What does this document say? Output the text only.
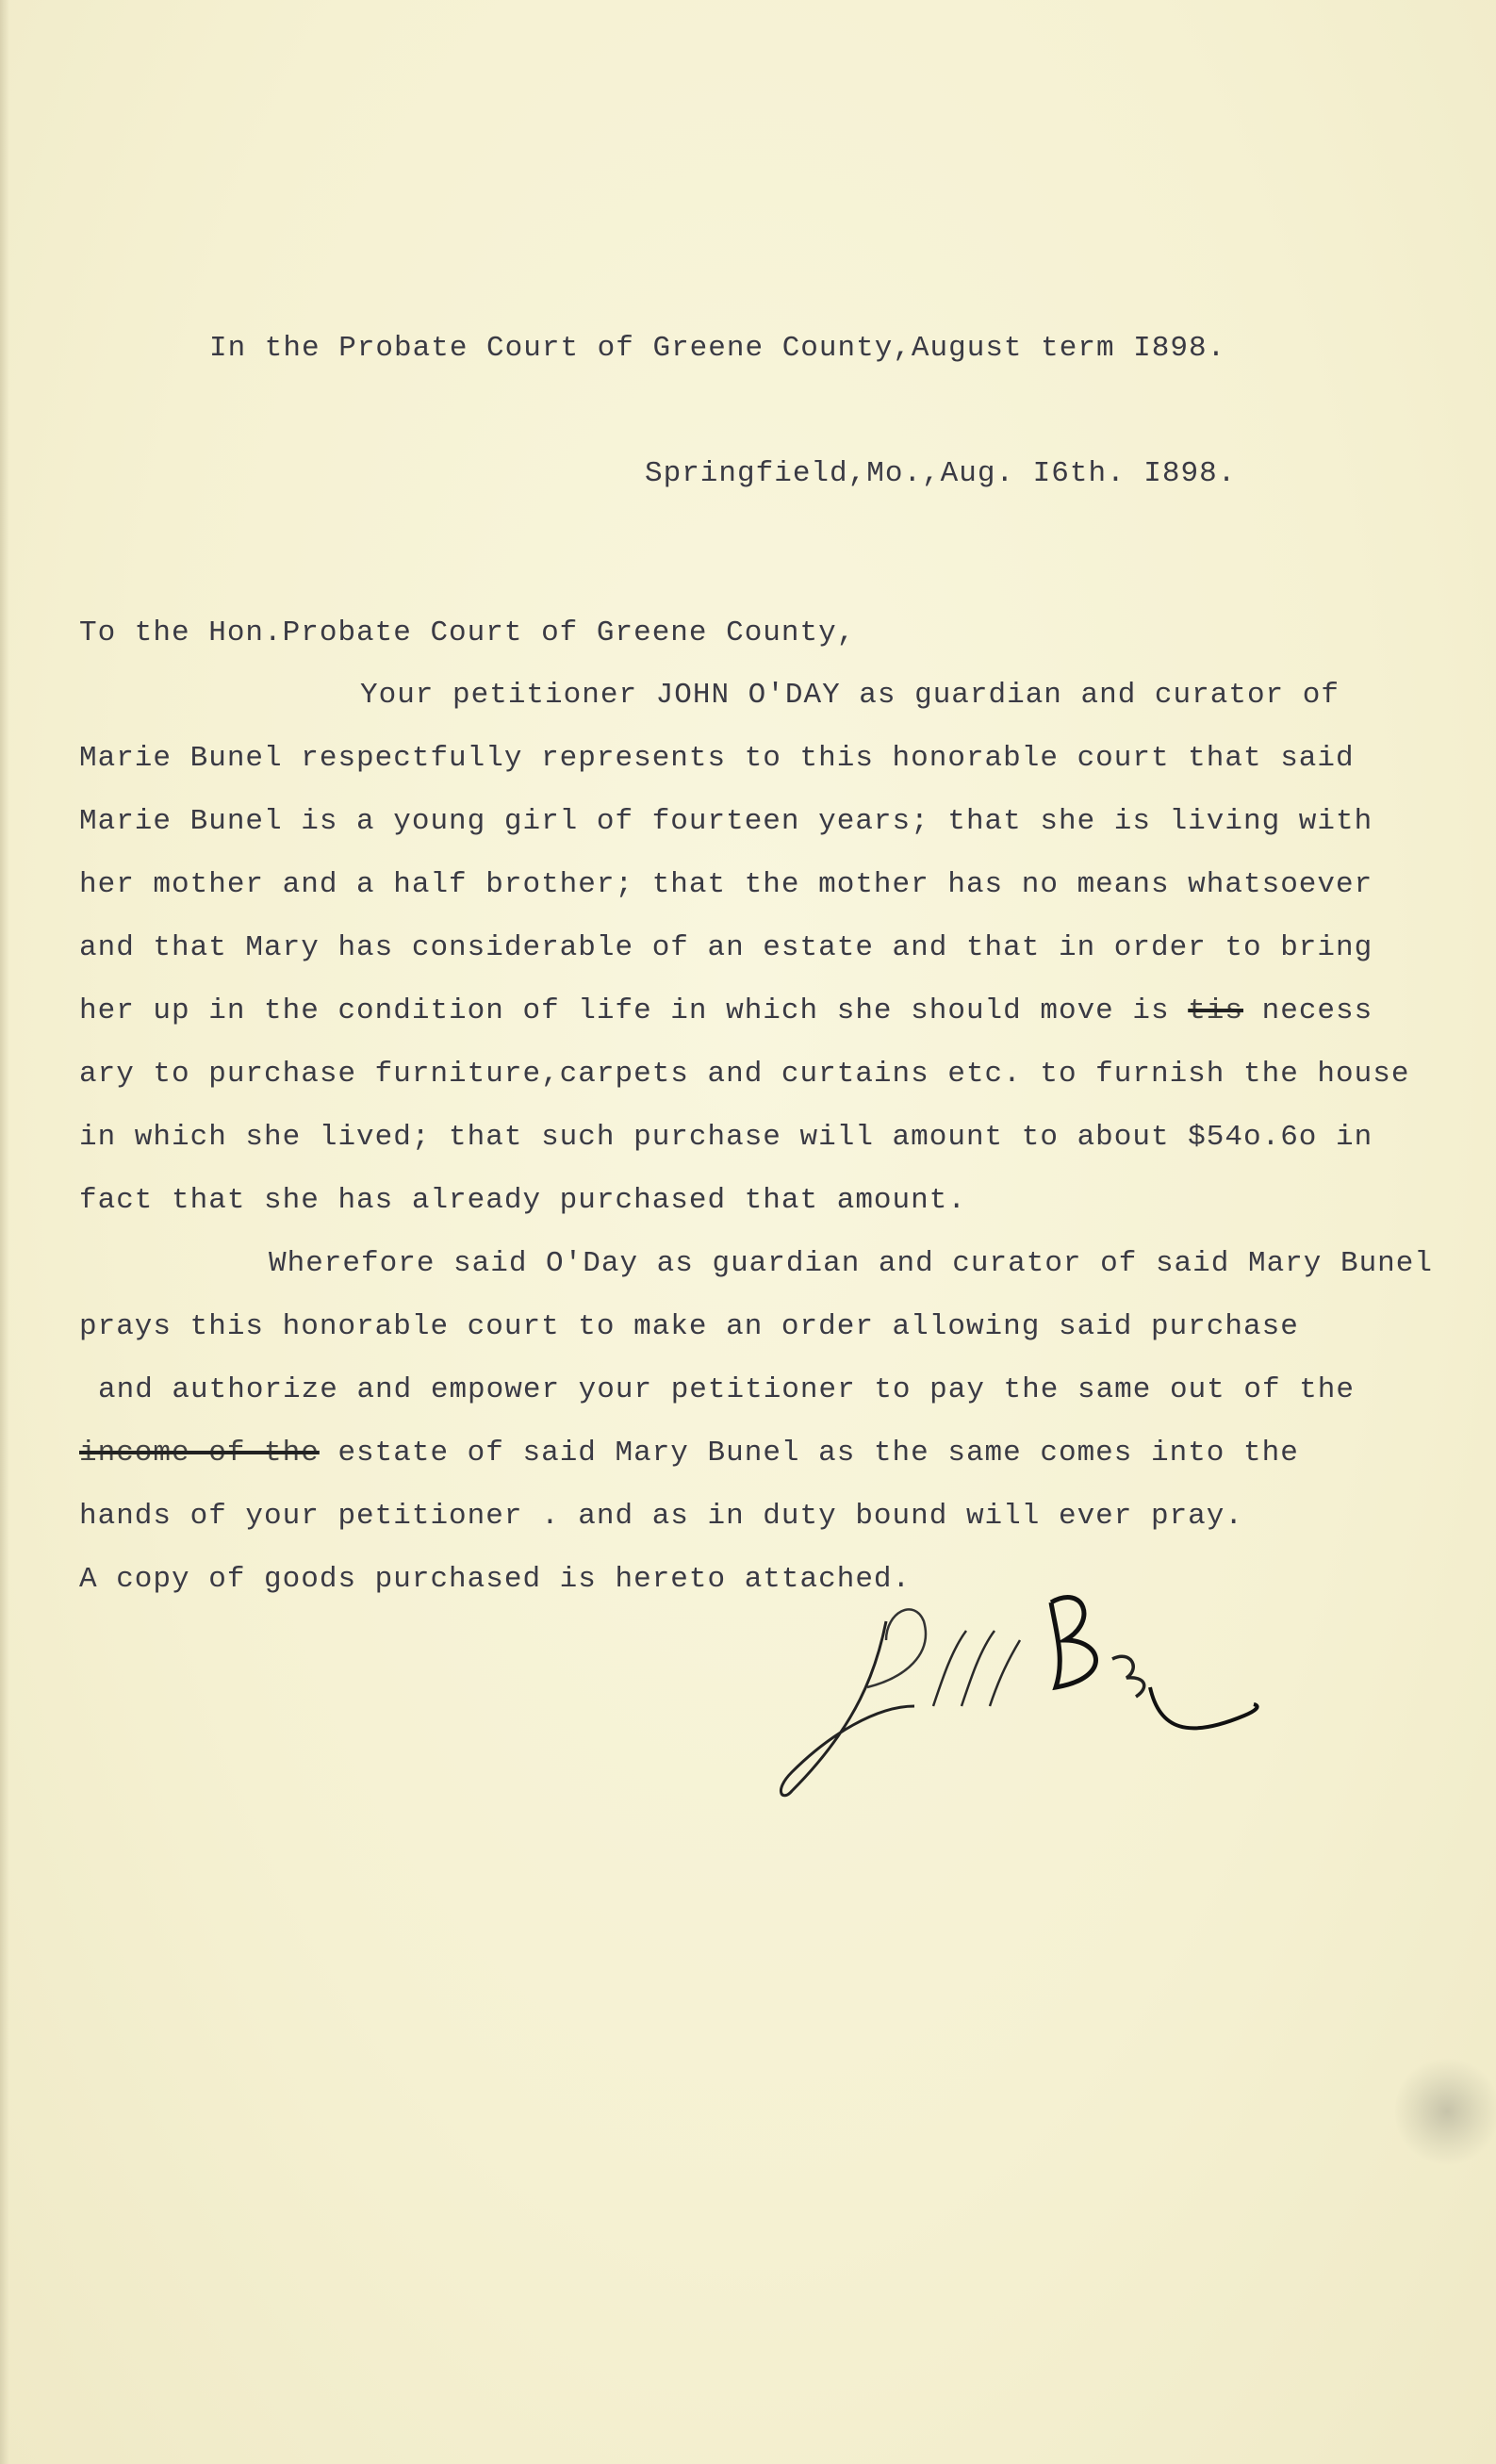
In the Probate Court of Greene County,August term I898.
Springfield,Mo.,Aug. I6th. I898.
To the Hon.Probate Court of Greene County,
Your petitioner JOHN O'DAY as guardian and curator of
Marie Bunel respectfully represents to this honorable court that said
Marie Bunel is a young girl of fourteen years; that she is living with
her mother and a half brother; that the mother has no means whatsoever
and that Mary has considerable of an estate and that in order to bring
her up in the condition of life in which she should move is tis necess
ary to purchase furniture,carpets and curtains etc. to furnish the house
in which she lived; that such purchase will amount to about $54o.6o in
fact that she has already purchased that amount.
Wherefore said O'Day as guardian and curator of said Mary Bunel
prays this honorable court to make an order allowing said purchase
and authorize and empower your petitioner to pay the same out of the
income of the estate of said Mary Bunel as the same comes into the
hands of your petitioner . and as in duty bound will ever pray.
A copy of goods purchased is hereto attached.
